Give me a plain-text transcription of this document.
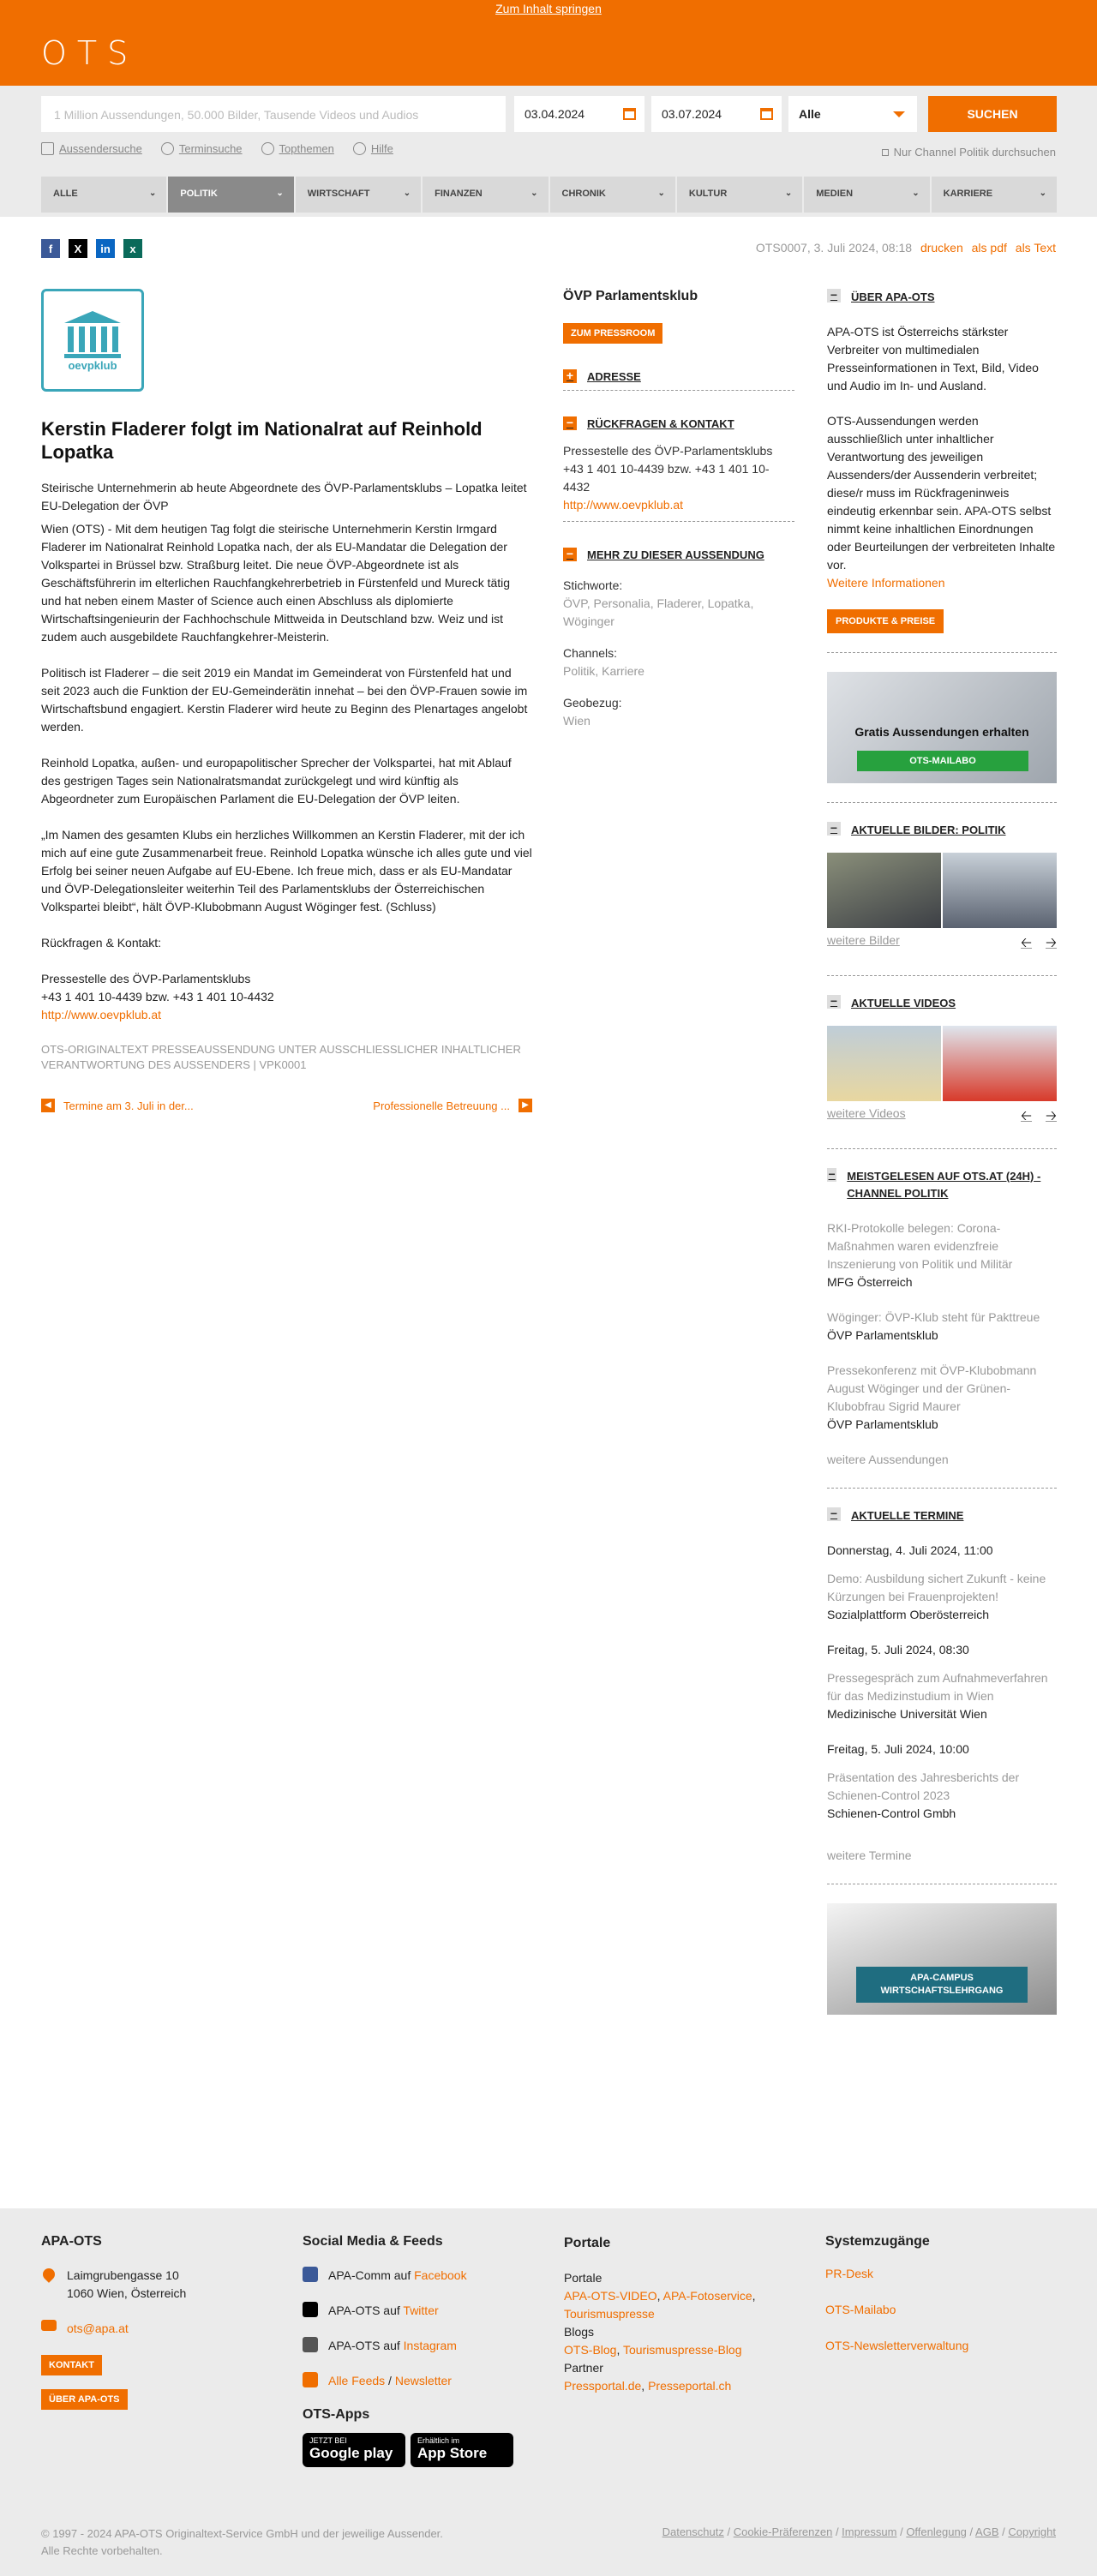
Zum Inhalt springen
OTS
1 Million Aussendungen, 50.000 Bilder, Tausende Videos und Audios	03.04.2024	03.07.2024	Alle	SUCHEN
Aussendersuche	Terminsuche	Topthemen	Hilfe	Nur Channel Politik durchsuchen
ALLE	⌄	POLITIK	⌄	WIRTSCHAFT	⌄	FINANZEN	⌄	CHRONIK	⌄	KULTUR	⌄	MEDIEN	⌄	KARRIERE	⌄
f	X	in	x	OTS0007, 3. Juli 2024, 08:18 drucken als pdf als Text
oevpklub
Kerstin Fladerer folgt im Nationalrat auf Reinhold Lopatka
Steirische Unternehmerin ab heute Abgeordnete des ÖVP-Parlamentsklubs – Lopatka leitet EU-Delegation der ÖVP

Wien (OTS) - Mit dem heutigen Tag folgt die steirische Unternehmerin Kerstin Irmgard Fladerer im Nationalrat Reinhold Lopatka nach, der als EU-Mandatar die Delegation der Volkspartei in Brüssel bzw. Straßburg leitet. Die neue ÖVP-Abgeordnete ist als Geschäftsführerin im elterlichen Rauchfangkehrerbetrieb in Fürstenfeld und Mureck tätig und hat neben einem Master of Science auch einen Abschluss als diplomierte Wirtschaftsingenieurin der Fachhochschule Mittweida in Deutschland bzw. Weiz und ist zudem auch ausgebildete Rauchfangkehrer-Meisterin.

Politisch ist Fladerer – die seit 2019 ein Mandat im Gemeinderat von Fürstenfeld hat und seit 2023 auch die Funktion der EU-Gemeinderätin innehat – bei den ÖVP-Frauen sowie im Wirtschaftsbund engagiert. Kerstin Fladerer wird heute zu Beginn des Plenartages angelobt werden.

Reinhold Lopatka, außen- und europapolitischer Sprecher der Volkspartei, hat mit Ablauf des gestrigen Tages sein Nationalratsmandat zurückgelegt und wird künftig als Abgeordneter zum Europäischen Parlament die EU-Delegation der ÖVP leiten.

„Im Namen des gesamten Klubs ein herzliches Willkommen an Kerstin Fladerer, mit der ich mich auf eine gute Zusammenarbeit freue. Reinhold Lopatka wünsche ich alles gute und viel Erfolg bei seiner neuen Aufgabe auf EU-Ebene. Ich freue mich, dass er als EU-Mandatar und ÖVP-Delegationsleiter weiterhin Teil des Parlamentsklubs der Österreichischen Volkspartei bleibt“, hält ÖVP-Klubobmann August Wöginger fest. (Schluss)

Rückfragen & Kontakt:

Pressestelle des ÖVP-Parlamentsklubs
+43 1 401 10-4439 bzw. +43 1 401 10-4432
http://www.oevpklub.at
OTS-ORIGINALTEXT PRESSEAUSSENDUNG UNTER AUSSCHLIESSLICHER INHALTLICHER VERANTWORTUNG DES AUSSENDERS | VPK0001
◀	Termine am 3. Juli in der...	Professionelle Betreuung ...	▶
ÖVP Parlamentsklub
ZUM PRESSROOM
+	ADRESSE
−	RÜCKFRAGEN & KONTAKT
Pressestelle des ÖVP-Parlamentsklubs
+43 1 401 10-4439 bzw. +43 1 401 10-4432
http://www.oevpklub.at
−	MEHR ZU DIESER AUSSENDUNG
Stichworte:
ÖVP, Personalia, Fladerer, Lopatka,
Wöginger
Channels:
Politik, Karriere
Geobezug:
Wien
−	ÜBER APA-OTS
APA-OTS ist Österreichs stärkster Verbreiter von multimedialen Presseinformationen in Text, Bild, Video und Audio im In- und Ausland.
OTS-Aussendungen werden ausschließlich unter inhaltlicher Verantwortung des jeweiligen Aussenders/der Aussenderin verbreitet; diese/r muss im Rückfrageninweis eindeutig erkennbar sein. APA-OTS selbst nimmt keine inhaltlichen Einordnungen oder Beurteilungen der verbreiteten Inhalte vor.
Weitere Informationen
PRODUKTE & PREISE
Gratis Aussendungen erhalten
OTS-MAILABO
−	AKTUELLE BILDER: POLITIK
weitere Bilder	🡠 🡢
−	AKTUELLE VIDEOS
weitere Videos	🡠 🡢
− MEISTGELESEN AUF OTS.AT (24H) - CHANNEL POLITIK
RKI-Protokolle belegen: Corona-Maßnahmen waren evidenzfreie Inszenierung von Politik und Militär
MFG Österreich
Wöginger: ÖVP-Klub steht für Pakttreue
ÖVP Parlamentsklub
Pressekonferenz mit ÖVP-Klubobmann August Wöginger und der Grünen-Klubobfrau Sigrid Maurer
ÖVP Parlamentsklub
weitere Aussendungen
−	AKTUELLE TERMINE
Donnerstag, 4. Juli 2024, 11:00
Demo: Ausbildung sichert Zukunft - keine Kürzungen bei Frauenprojekten!
Sozialplattform Oberösterreich
Freitag, 5. Juli 2024, 08:30
Pressegespräch zum Aufnahmeverfahren für das Medizinstudium in Wien
Medizinische Universität Wien
Freitag, 5. Juli 2024, 10:00
Präsentation des Jahresberichts der Schienen-Control 2023
Schienen-Control Gmbh
weitere Termine
APA-CAMPUS WIRTSCHAFTSLEHRGANG
APA-OTS
Laimgrubengasse 10
1060 Wien, Österreich
ots@apa.at
KONTAKT
ÜBER APA-OTS
Social Media & Feeds
APA-Comm auf Facebook
APA-OTS auf Twitter
APA-OTS auf Instagram
Alle Feeds / Newsletter
OTS-Apps
JETZT BEI
Google play
Erhältlich im
App Store
Portale
Portale
APA-OTS-VIDEO, APA-Fotoservice,
Tourismuspresse
Blogs
OTS-Blog, Tourismuspresse-Blog
Partner
Pressportal.de, Presseportal.ch
Systemzugänge
PR-Desk
OTS-Mailabo
OTS-Newsletterverwaltung
© 1997 - 2024 APA-OTS Originaltext-Service GmbH und der jeweilige Aussender.
Alle Rechte vorbehalten.
Datenschutz / Cookie-Präferenzen / Impressum / Offenlegung / AGB / Copyright
